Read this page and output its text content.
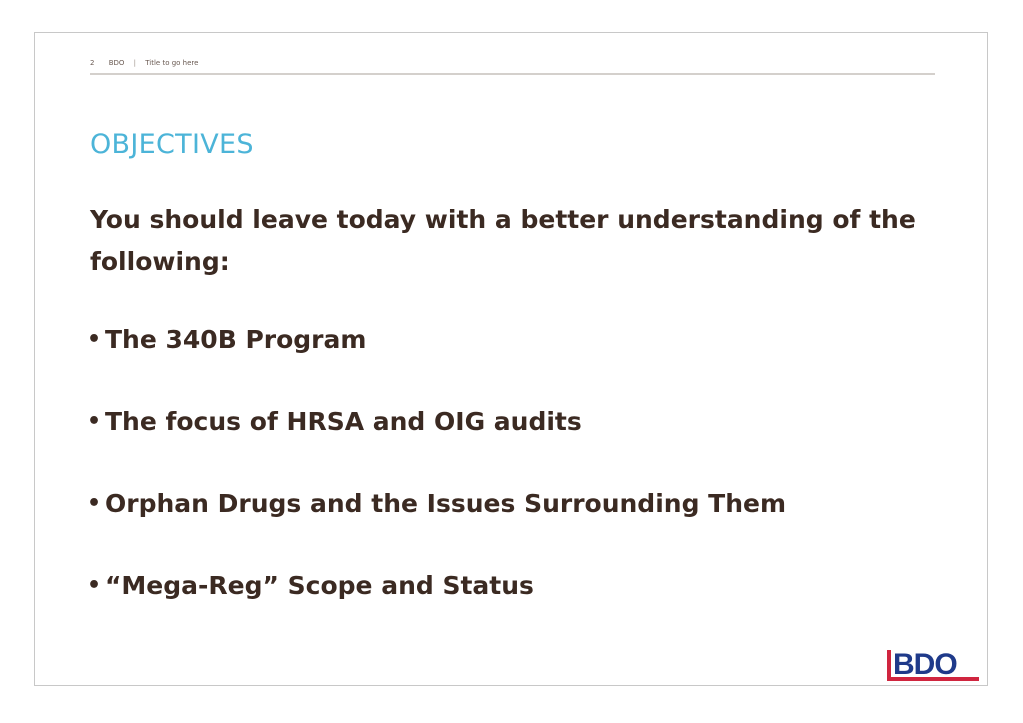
2 BDO | Title to go here
OBJECTIVES
You should leave today with a better understanding of the following:
• The 340B Program
• The focus of HRSA and OIG audits
• Orphan Drugs and the Issues Surrounding Them
• “Mega-Reg” Scope and Status
BDO
